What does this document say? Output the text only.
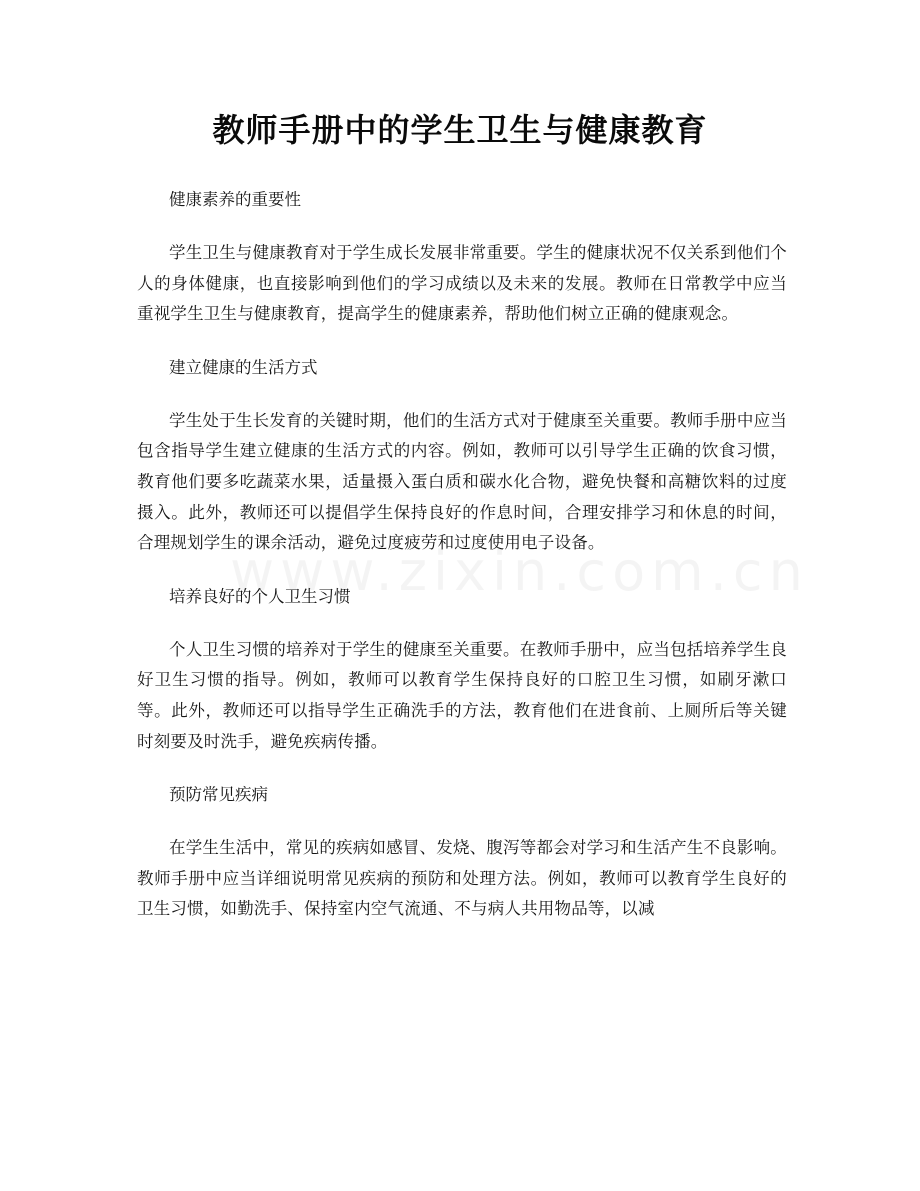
教师手册中的学生卫生与健康教育
健康素养的重要性

学生卫生与健康教育对于学生成长发展非常重要。学生的健康状况不仅关系到他们个人的身体健康，也直接影响到他们的学习成绩以及未来的发展。教师在日常教学中应当重视学生卫生与健康教育，提高学生的健康素养，帮助他们树立正确的健康观念。

建立健康的生活方式

学生处于生长发育的关键时期，他们的生活方式对于健康至关重要。教师手册中应当包含指导学生建立健康的生活方式的内容。例如，教师可以引导学生正确的饮食习惯，教育他们要多吃蔬菜水果，适量摄入蛋白质和碳水化合物，避免快餐和高糖饮料的过度摄入。此外，教师还可以提倡学生保持良好的作息时间，合理安排学习和休息的时间，合理规划学生的课余活动，避免过度疲劳和过度使用电子设备。

培养良好的个人卫生习惯

个人卫生习惯的培养对于学生的健康至关重要。在教师手册中，应当包括培养学生良好卫生习惯的指导。例如，教师可以教育学生保持良好的口腔卫生习惯，如刷牙漱口等。此外，教师还可以指导学生正确洗手的方法，教育他们在进食前、上厕所后等关键时刻要及时洗手，避免疾病传播。

预防常见疾病

在学生生活中，常见的疾病如感冒、发烧、腹泻等都会对学习和生活产生不良影响。教师手册中应当详细说明常见疾病的预防和处理方法。例如，教师可以教育学生良好的卫生习惯，如勤洗手、保持室内空气流通、不与病人共用物品等，以减
